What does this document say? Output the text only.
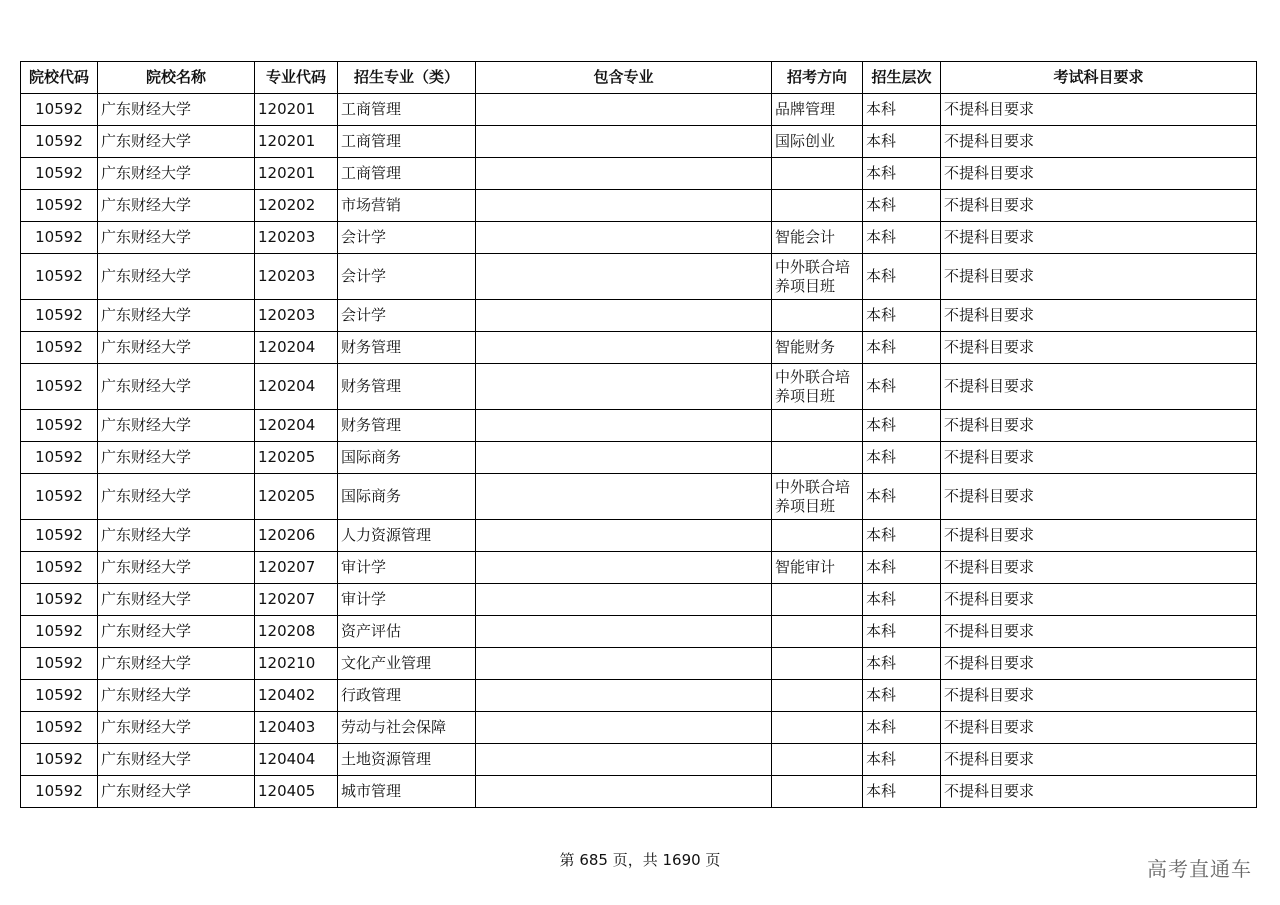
院校代码	院校名称	专业代码	招生专业（类）	包含专业	招考方向	招生层次	考试科目要求
10592	广东财经大学	120201	工商管理		品牌管理	本科	不提科目要求
10592	广东财经大学	120201	工商管理		国际创业	本科	不提科目要求
10592	广东财经大学	120201	工商管理			本科	不提科目要求
10592	广东财经大学	120202	市场营销			本科	不提科目要求
10592	广东财经大学	120203	会计学		智能会计	本科	不提科目要求
10592	广东财经大学	120203	会计学		中外联合培养项目班	本科	不提科目要求
10592	广东财经大学	120203	会计学			本科	不提科目要求
10592	广东财经大学	120204	财务管理		智能财务	本科	不提科目要求
10592	广东财经大学	120204	财务管理		中外联合培养项目班	本科	不提科目要求
10592	广东财经大学	120204	财务管理			本科	不提科目要求
10592	广东财经大学	120205	国际商务			本科	不提科目要求
10592	广东财经大学	120205	国际商务		中外联合培养项目班	本科	不提科目要求
10592	广东财经大学	120206	人力资源管理			本科	不提科目要求
10592	广东财经大学	120207	审计学		智能审计	本科	不提科目要求
10592	广东财经大学	120207	审计学			本科	不提科目要求
10592	广东财经大学	120208	资产评估			本科	不提科目要求
10592	广东财经大学	120210	文化产业管理			本科	不提科目要求
10592	广东财经大学	120402	行政管理			本科	不提科目要求
10592	广东财经大学	120403	劳动与社会保障			本科	不提科目要求
10592	广东财经大学	120404	土地资源管理			本科	不提科目要求
10592	广东财经大学	120405	城市管理			本科	不提科目要求
第 685 页，共 1690 页	高考直通车
